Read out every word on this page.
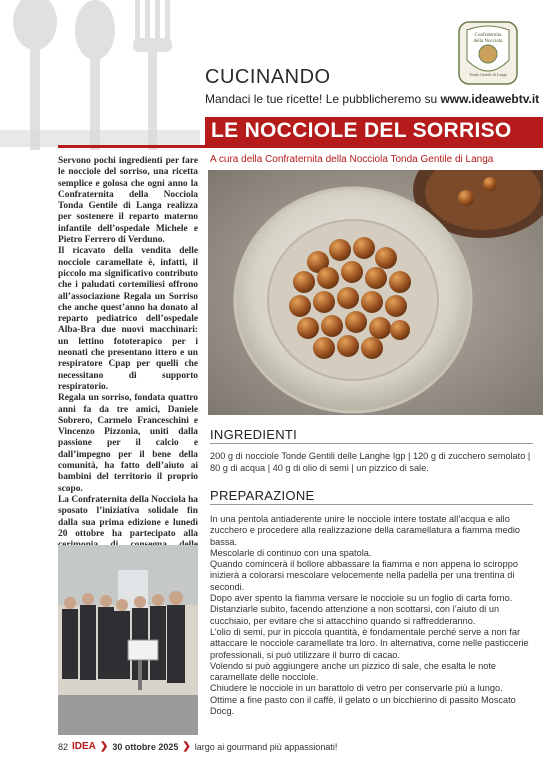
Confraternita
della Nocciola
Tonda Gentile di Langa
CUCINANDO
Mandaci le tue ricette! Le pubblicheremo su www.ideawebtv.it
LE NOCCIOLE DEL SORRISO
A cura della Confraternita della Nocciola Tonda Gentile di Langa

Servono pochi ingredienti per fare le nocciole del sorriso, una ricetta semplice e golosa che ogni anno la Confraternita della Nocciola Tonda Gentile di Langa realizza per sostenere il reparto materno infantile dell’ospedale Michele e Pietro Ferrero di Verduno.

Il ricavato della vendita delle nocciole caramellate è, infatti, il piccolo ma significativo contributo che i paludati cortemiliesi offrono all’associazione Regala un Sorriso che anche quest’anno ha donato al reparto pediatrico dell’ospedale Alba-Bra due nuovi macchinari: un lettino fototerapico per i neonati che presentano ittero e un respiratore Cpap per quelli che necessitano di supporto respiratorio.

Regala un sorriso, fondata quattro anni fa da tre amici, Daniele Sobrero, Carmelo Franceschini e Vincenzo Pizzonia, uniti dalla passione per il calcio e dall’impegno per il bene della comunità, ha fatto dell’aiuto ai bambini del territorio il proprio scopo.

La Confraternita della Nocciola ha sposato l’iniziativa solidale fin dalla sua prima edizione e lunedì 20 ottobre ha partecipato alla

INGREDIENTI
200 g di nocciole Tonde Gentili delle Langhe Igp | 120 g di zucchero semolato | 80 g di acqua | 40 g di olio di semi | un pizzico di sale.
PREPARAZIONE

In una pentola antiaderente unire le nocciole intere tostate all’acqua e allo zucchero e procedere alla realizzazione della caramellatura a fiamma medio bassa.

Mescolarle di continuo con una spatola.

Quando comincerà il bollore abbassare la fiamma e non appena lo sciroppo inizierà a colorarsi mescolare velocemente nella padella per una trentina di secondi.

Dopo aver spento la fiamma versare le nocciole su un foglio di carta forno.

Distanziarle subito, facendo attenzione a non scottarsi, con l’aiuto di un cucchiaio, per evitare che si attacchino quando si raffredderanno.

L’olio di semi, pur in piccola quantità, è fondamentale perché serve a non far attaccare le nocciole caramellate tra loro. In alternativa, come nelle pasticcerie professionali, si può utilizzare il burro di cacao.

Volendo si può aggiungere anche un pizzico di sale, che esalta le note caramellate delle nocciole.

Chiudere le nocciole in un barattolo di vetro per conservarle più a lungo.

Ottime a fine pasto con il caffè, il gelato o un bicchierino di passito Moscato Docg.

82 IDEA ❯ 30 ottobre 2025 ❯ largo ai gourmand più appassionati!
